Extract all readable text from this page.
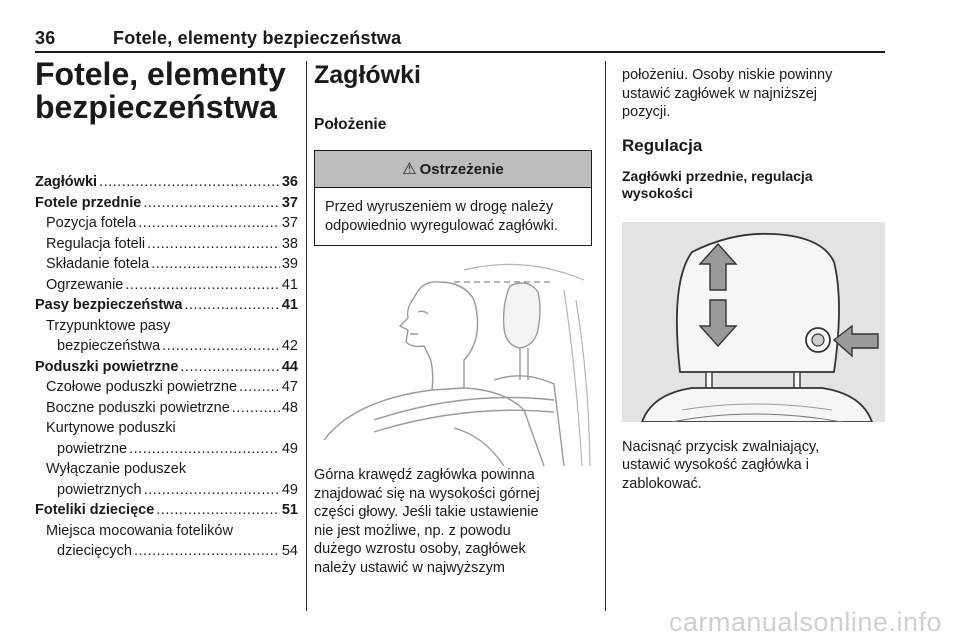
36	Fotele, elementy bezpieczeństwa
Fotele, elementy
bezpieczeństwa
Zagłówki .....	36
Fotele przednie .....	37
Pozycja fotela .....	37
Regulacja foteli .....	38
Składanie fotela .....	39
Ogrzewanie .....	41
Pasy bezpieczeństwa .....	41
Trzypunktowe pasy
bezpieczeństwa .....	42
Poduszki powietrzne .....	44
Czołowe poduszki powietrzne .....	47
Boczne poduszki powietrzne .....	48
Kurtynowe poduszki
powietrzne .....	49
Wyłączanie poduszek
powietrznych .....	49
Foteliki dziecięce .....	51
Miejsca mocowania fotelików
dziecięcych .....	54
Zagłówki
Położenie
⚠ Ostrzeżenie
Przed wyruszeniem w drogę należy odpowiednio wyregulować zagłówki.

Górna krawędź zagłówka powinna
znajdować się na wysokości górnej
części głowy. Jeśli takie ustawienie
nie jest możliwe, np. z powodu
dużego wzrostu osoby, zagłówek
należy ustawić w najwyższym

położeniu. Osoby niskie powinny
ustawić zagłówek w najniższej
pozycji.

Regulacja
Zagłówki przednie, regulacja
wysokości

Nacisnąć przycisk zwalniający,
ustawić wysokość zagłówka i
zablokować.

carmanualsonline.info
